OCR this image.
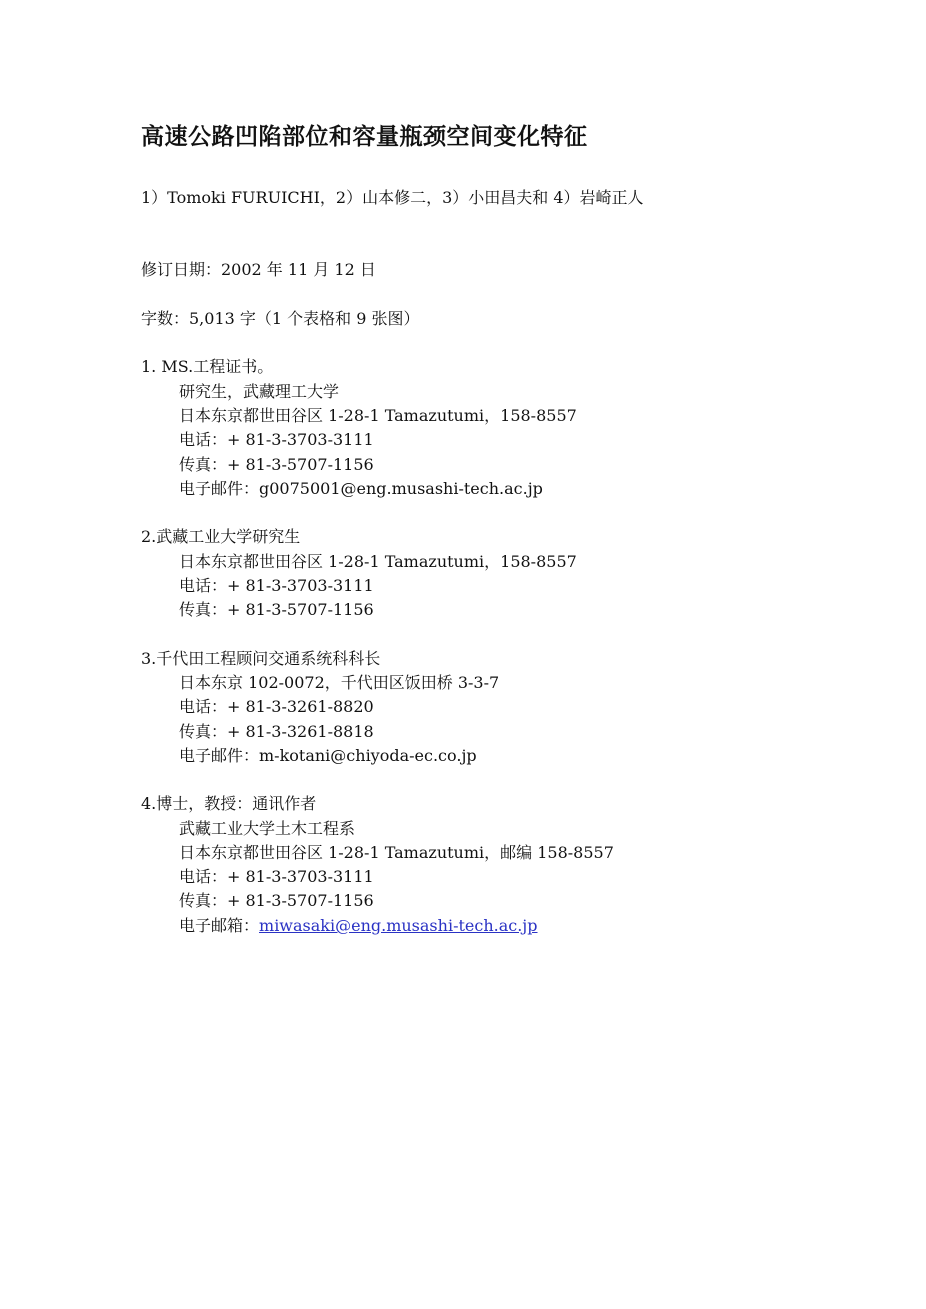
高速公路凹陷部位和容量瓶颈空间变化特征
1）Tomoki FURUICHI，2）山本修二，3）小田昌夫和 4）岩崎正人
修订日期：2002 年 11 月 12 日
字数：5,013 字（1 个表格和 9 张图）
1. MS.工程证书。
研究生，武藏理工大学
日本东京都世田谷区 1-28-1 Tamazutumi，158-8557
电话：+ 81-3-3703-3111
传真：+ 81-3-5707-1156
电子邮件：g0075001@eng.musashi-tech.ac.jp
2.武藏工业大学研究生
日本东京都世田谷区 1-28-1 Tamazutumi，158-8557
电话：+ 81-3-3703-3111
传真：+ 81-3-5707-1156
3.千代田工程顾问交通系统科科长
日本东京 102-0072，千代田区饭田桥 3-3-7
电话：+ 81-3-3261-8820
传真：+ 81-3-3261-8818
电子邮件：m-kotani@chiyoda-ec.co.jp
4.博士，教授：通讯作者
武藏工业大学土木工程系
日本东京都世田谷区 1-28-1 Tamazutumi，邮编 158-8557
电话：+ 81-3-3703-3111
传真：+ 81-3-5707-1156
电子邮箱：miwasaki@eng.musashi-tech.ac.jp
